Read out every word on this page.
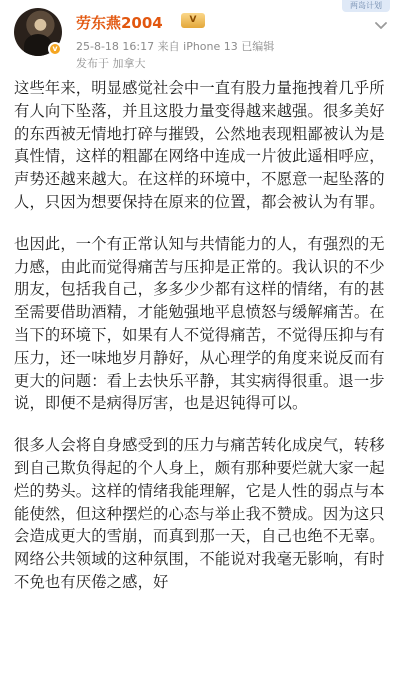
v
劳东燕2004	V
25-8-18 16:17 来自 iPhone 13 已编辑
发布于 加拿大
两岛计划

这些年来，明显感觉社会中一直有股力量拖拽着几乎所有人向下坠落，并且这股力量变得越来越强。很多美好的东西被无情地打碎与摧毁，公然地表现粗鄙被认为是真性情，这样的粗鄙在网络中连成一片彼此遥相呼应，声势还越来越大。在这样的环境中，不愿意一起坠落的人，只因为想要保持在原来的位置，都会被认为有罪。

也因此，一个有正常认知与共情能力的人，有强烈的无力感，由此而觉得痛苦与压抑是正常的。我认识的不少朋友，包括我自己，多多少少都有这样的情绪，有的甚至需要借助酒精，才能勉强地平息愤怒与缓解痛苦。在当下的环境下，如果有人不觉得痛苦，不觉得压抑与有压力，还一味地岁月静好，从心理学的角度来说反而有更大的问题：看上去快乐平静，其实病得很重。退一步说，即便不是病得厉害，也是迟钝得可以。

很多人会将自身感受到的压力与痛苦转化成戾气，转移到自己欺负得起的个人身上，颇有那种要烂就大家一起烂的势头。这样的情绪我能理解，它是人性的弱点与本能使然，但这种摆烂的心态与举止我不赞成。因为这只会造成更大的雪崩，而真到那一天，自己也绝不无辜。网络公共领域的这种氛围，不能说对我毫无影响，有时不免也有厌倦之感，好
